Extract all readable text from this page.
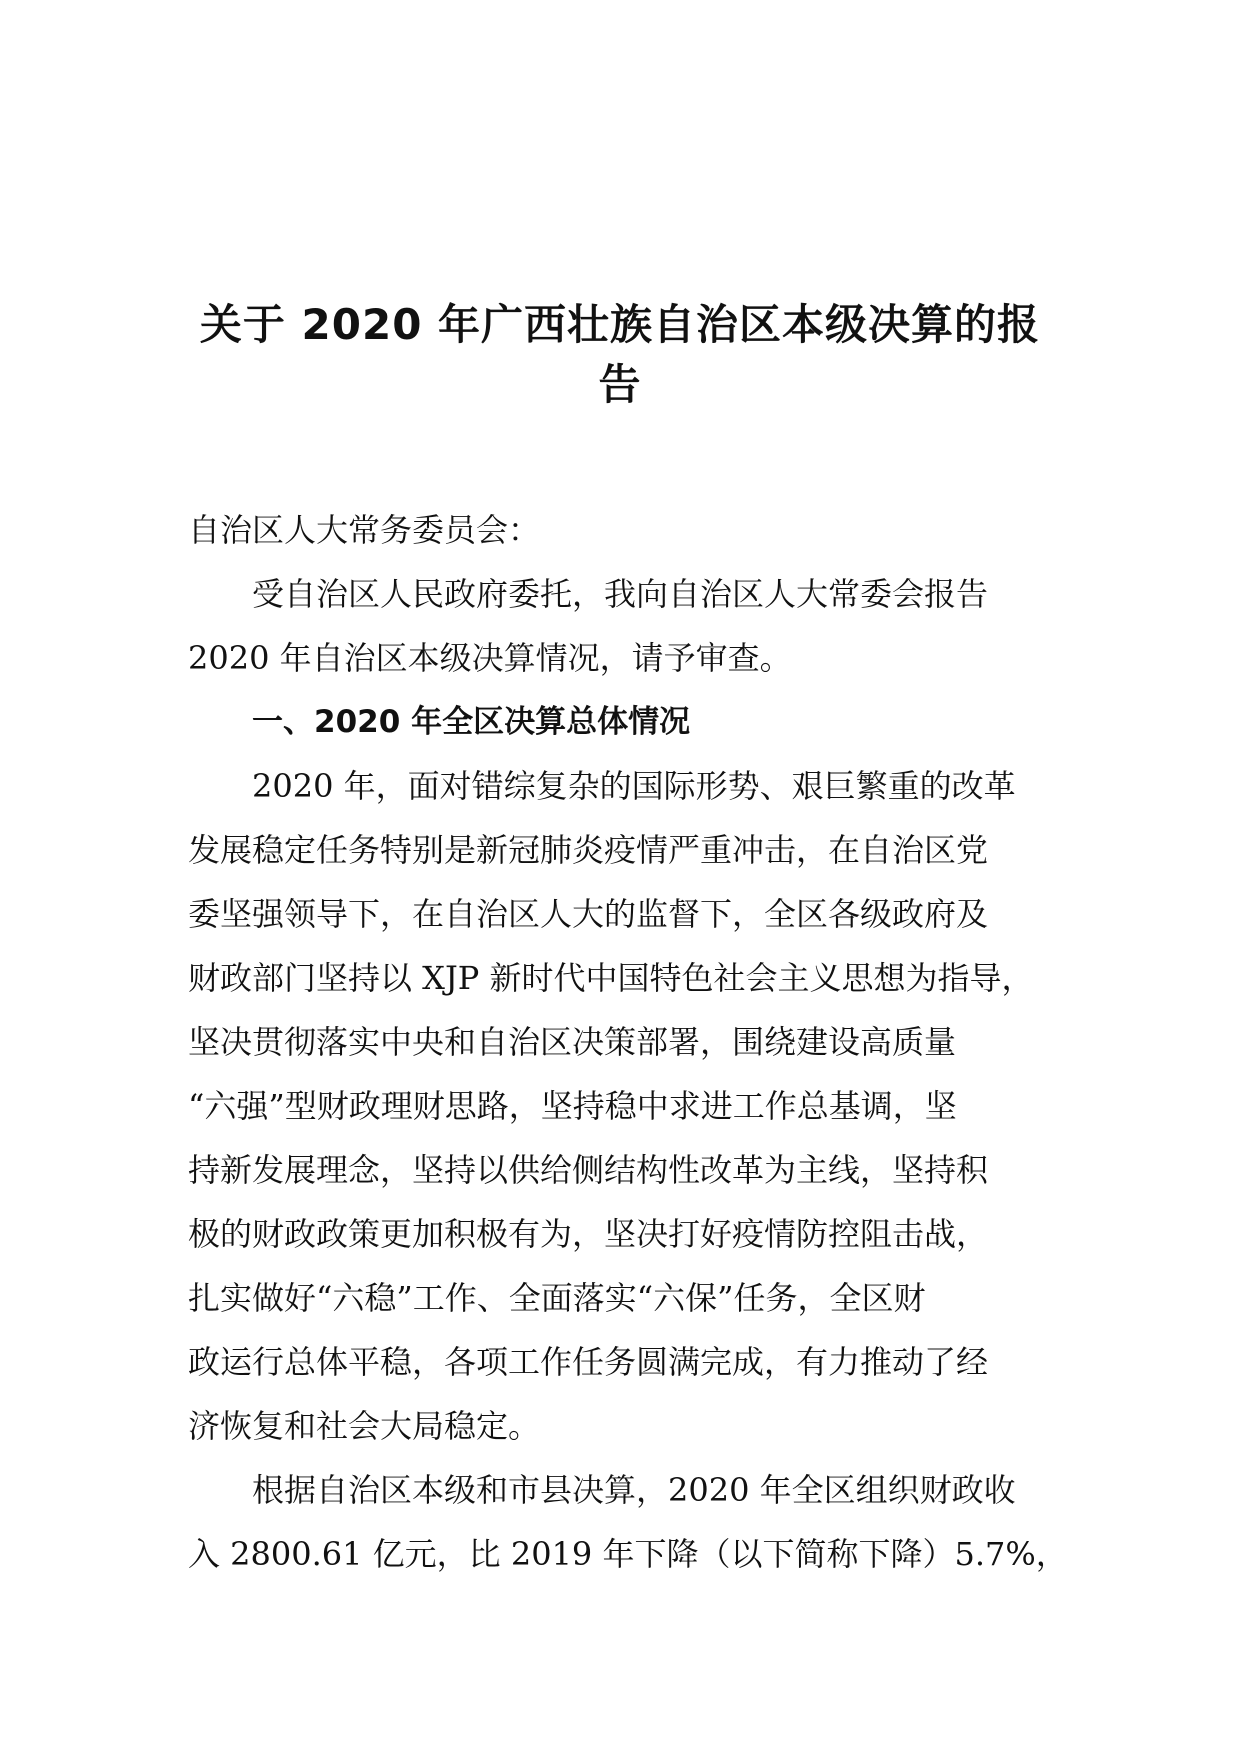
关于 2020 年广西壮族自治区本级决算的报
告

自治区人大常务委员会：

受自治区人民政府委托，我向自治区人大常委会报告
2020 年自治区本级决算情况，请予审查。

一、2020 年全区决算总体情况

2020 年，面对错综复杂的国际形势、艰巨繁重的改革
发展稳定任务特别是新冠肺炎疫情严重冲击，在自治区党
委坚强领导下，在自治区人大的监督下，全区各级政府及
财政部门坚持以 XJP 新时代中国特色社会主义思想为指导，
坚决贯彻落实中央和自治区决策部署，围绕建设高质量
“六强”型财政理财思路，坚持稳中求进工作总基调，坚
持新发展理念，坚持以供给侧结构性改革为主线，坚持积
极的财政政策更加积极有为，坚决打好疫情防控阻击战，
扎实做好“六稳”工作、全面落实“六保”任务，全区财
政运行总体平稳，各项工作任务圆满完成，有力推动了经
济恢复和社会大局稳定。

根据自治区本级和市县决算，2020 年全区组织财政收
入 2800.61 亿元，比 2019 年下降（以下简称下降）5.7%，
